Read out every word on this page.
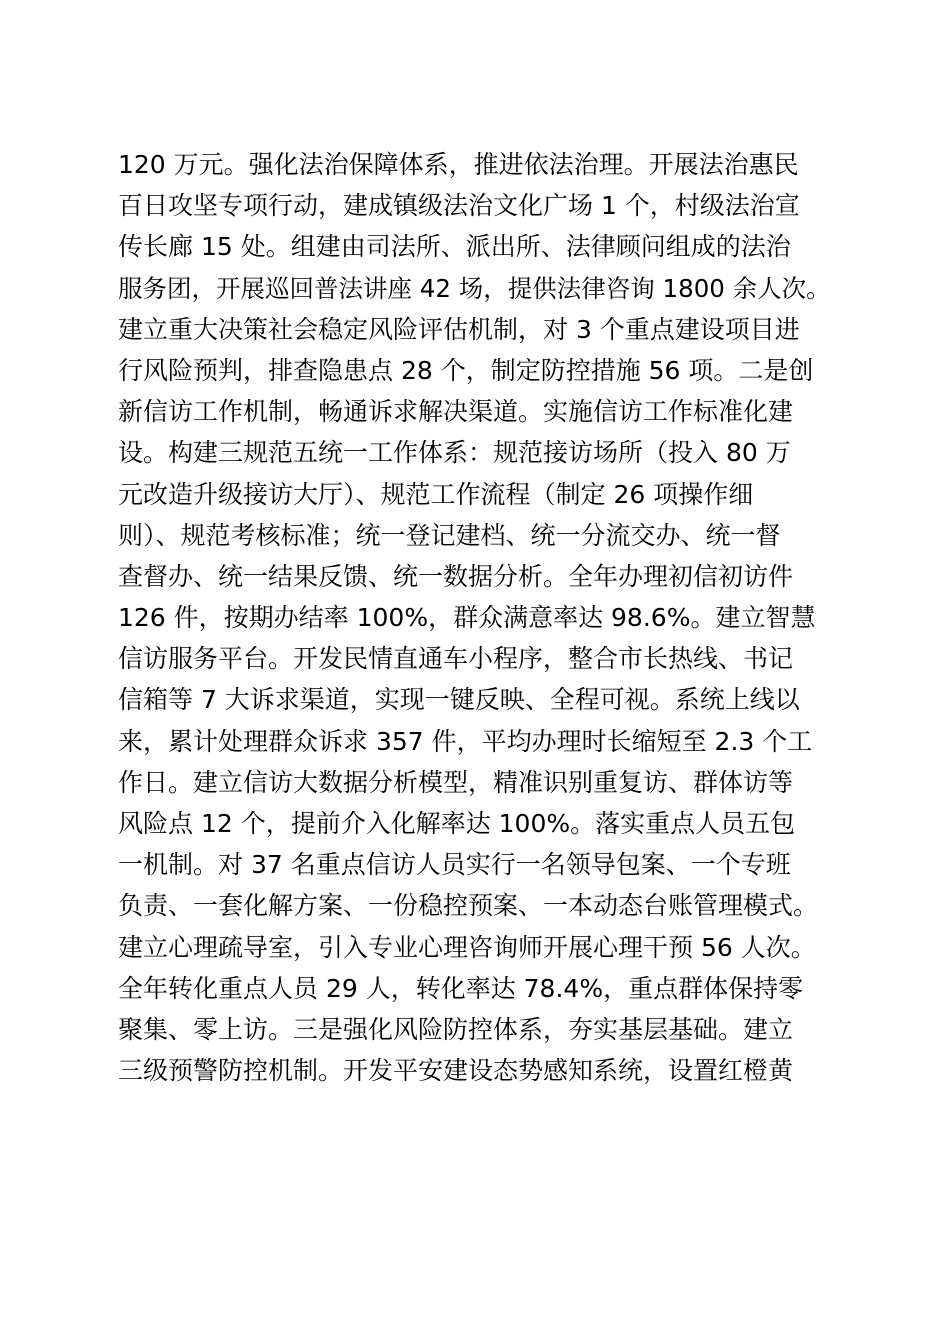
120 万元。强化法治保障体系，推进依法治理。开展法治惠民
百日攻坚专项行动，建成镇级法治文化广场 1 个，村级法治宣
传长廊 15 处。组建由司法所、派出所、法律顾问组成的法治
服务团，开展巡回普法讲座 42 场，提供法律咨询 1800 余人次。
建立重大决策社会稳定风险评估机制，对 3 个重点建设项目进
行风险预判，排查隐患点 28 个，制定防控措施 56 项。二是创
新信访工作机制，畅通诉求解决渠道。实施信访工作标准化建
设。构建三规范五统一工作体系：规范接访场所（投入 80 万
元改造升级接访大厅）、规范工作流程（制定 26 项操作细
则）、规范考核标准；统一登记建档、统一分流交办、统一督
查督办、统一结果反馈、统一数据分析。全年办理初信初访件
126 件，按期办结率 100%，群众满意率达 98.6%。建立智慧
信访服务平台。开发民情直通车小程序，整合市长热线、书记
信箱等 7 大诉求渠道，实现一键反映、全程可视。系统上线以
来，累计处理群众诉求 357 件，平均办理时长缩短至 2.3 个工
作日。建立信访大数据分析模型，精准识别重复访、群体访等
风险点 12 个，提前介入化解率达 100%。落实重点人员五包
一机制。对 37 名重点信访人员实行一名领导包案、一个专班
负责、一套化解方案、一份稳控预案、一本动态台账管理模式。
建立心理疏导室，引入专业心理咨询师开展心理干预 56 人次。
全年转化重点人员 29 人，转化率达 78.4%，重点群体保持零
聚集、零上访。三是强化风险防控体系，夯实基层基础。建立
三级预警防控机制。开发平安建设态势感知系统，设置红橙黄
